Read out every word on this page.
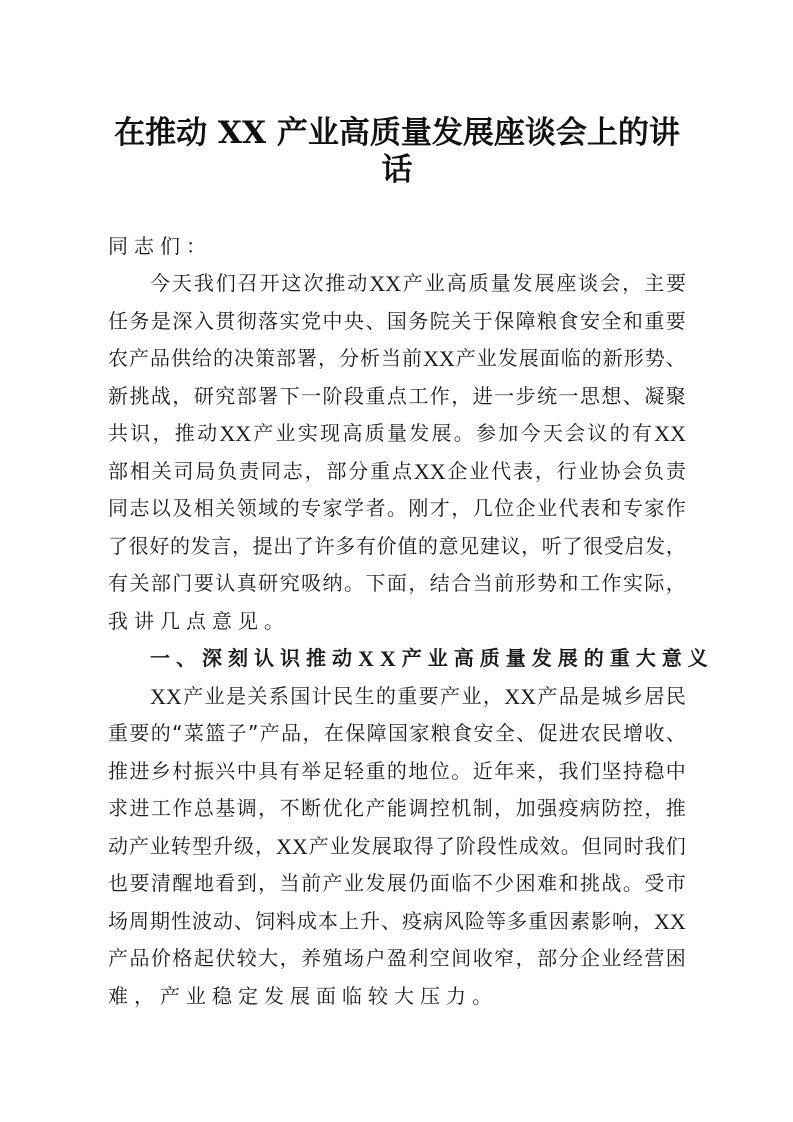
在推动 XX 产业高质量发展座谈会上的讲
话
同志们：
今 天 我 们 召 开 这 次 推 动 XX 产 业 高 质 量 发 展 座 谈 会 ， 主 要
任 务 是 深 入 贯 彻 落 实 党 中 央 、 国 务 院 关 于 保 障 粮 食 安 全 和 重 要
农 产 品 供 给 的 决 策 部 署 ， 分 析 当 前 XX 产 业 发 展 面 临 的 新 形 势 、
新 挑 战 ， 研 究 部 署 下 一 阶 段 重 点 工 作 ， 进 一 步 统 一 思 想 、 凝 聚
共 识 ， 推 动 XX 产 业 实 现 高 质 量 发 展 。 参 加 今 天 会 议 的 有 XX
部 相 关 司 局 负 责 同 志 ， 部 分 重 点 XX 企 业 代 表 ， 行 业 协 会 负 责
同 志 以 及 相 关 领 域 的 专 家 学 者 。 刚 才 ， 几 位 企 业 代 表 和 专 家 作
了 很 好 的 发 言 ， 提 出 了 许 多 有 价 值 的 意 见 建 议 ， 听 了 很 受 启 发 ，
有 关 部 门 要 认 真 研 究 吸 纳 。 下 面 ， 结 合 当 前 形 势 和 工 作 实 际 ，
我 讲 几 点 意 见 。
一 、 深 刻 认 识 推 动 XX 产 业 高 质 量 发 展 的 重 大 意 义
XX 产 业 是 关 系 国 计 民 生 的 重 要 产 业 ， XX 产 品 是 城 乡 居 民
重 要 的 “ 菜 篮 子 ” 产 品 ， 在 保 障 国 家 粮 食 安 全 、 促 进 农 民 增 收 、
推 进 乡 村 振 兴 中 具 有 举 足 轻 重 的 地 位 。 近 年 来 ， 我 们 坚 持 稳 中
求 进 工 作 总 基 调 ， 不 断 优 化 产 能 调 控 机 制 ， 加 强 疫 病 防 控 ， 推
动 产 业 转 型 升 级 ， XX 产 业 发 展 取 得 了 阶 段 性 成 效 。 但 同 时 我 们
也 要 清 醒 地 看 到 ， 当 前 产 业 发 展 仍 面 临 不 少 困 难 和 挑 战 。 受 市
场 周 期 性 波 动 、 饲 料 成 本 上 升 、 疫 病 风 险 等 多 重 因 素 影 响 ， XX
产 品 价 格 起 伏 较 大 ， 养 殖 场 户 盈 利 空 间 收 窄 ， 部 分 企 业 经 营 困
难 ， 产 业 稳 定 发 展 面 临 较 大 压 力 。
